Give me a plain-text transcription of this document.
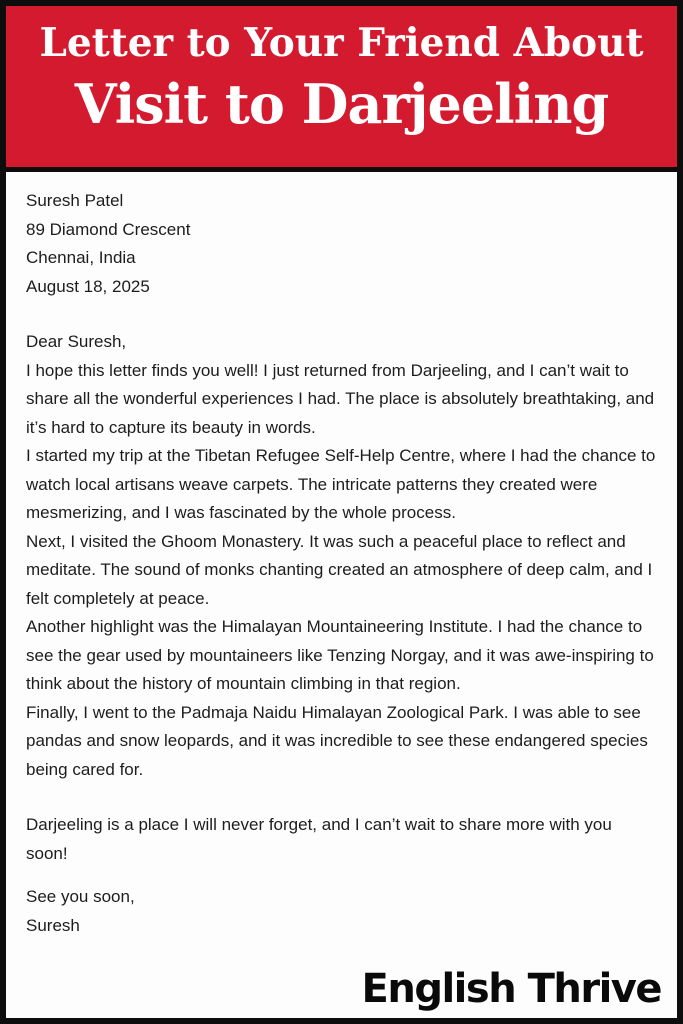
Letter to Your Friend About
Visit to Darjeeling
Suresh Patel
89 Diamond Crescent
Chennai, India
August 18, 2025
Dear Suresh,

I hope this letter finds you well! I just returned from Darjeeling, and I can’t wait to share all the wonderful experiences I had. The place is absolutely breathtaking, and it’s hard to capture its beauty in words.

I started my trip at the Tibetan Refugee Self-Help Centre, where I had the chance to watch local artisans weave carpets. The intricate patterns they created were mesmerizing, and I was fascinated by the whole process.

Next, I visited the Ghoom Monastery. It was such a peaceful place to reflect and meditate. The sound of monks chanting created an atmosphere of deep calm, and I felt completely at peace.

Another highlight was the Himalayan Mountaineering Institute. I had the chance to see the gear used by mountaineers like Tenzing Norgay, and it was awe-inspiring to think about the history of mountain climbing in that region.

Finally, I went to the Padmaja Naidu Himalayan Zoological Park. I was able to see pandas and snow leopards, and it was incredible to see these endangered species being cared for.

Darjeeling is a place I will never forget, and I can’t wait to share more with you soon!

See you soon,
Suresh
English Thrive
